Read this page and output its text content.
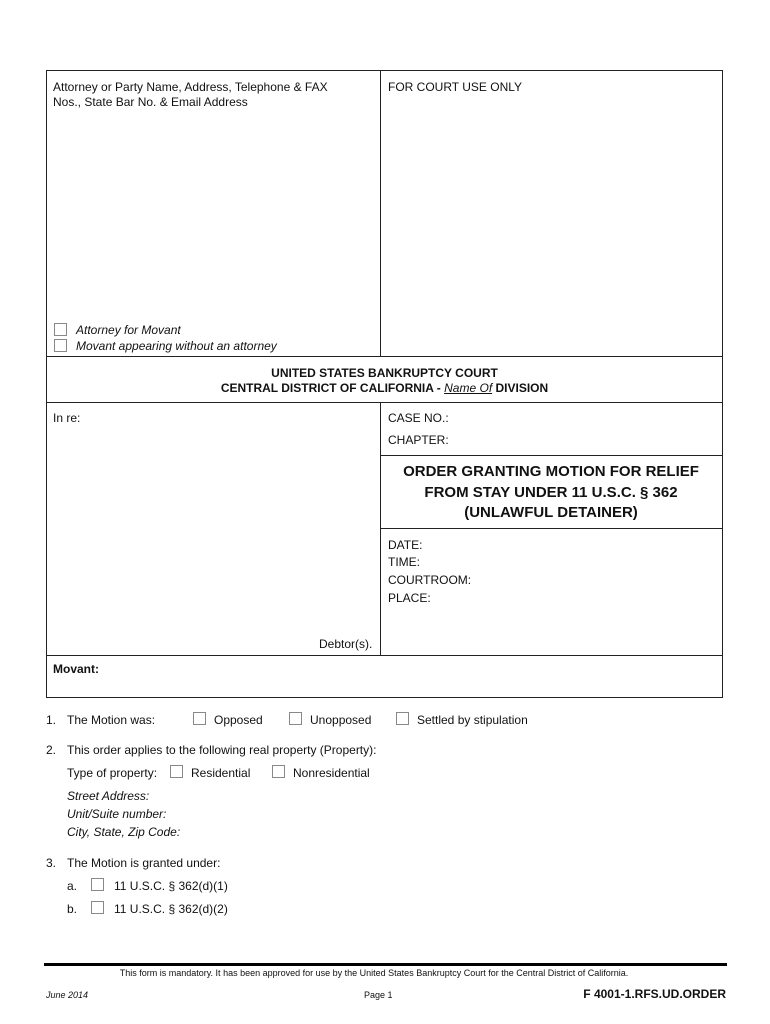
Attorney or Party Name, Address, Telephone & FAX
Nos., State Bar No. & Email Address
FOR COURT USE ONLY
Attorney for Movant
Movant appearing without an attorney
UNITED STATES BANKRUPTCY COURT
CENTRAL DISTRICT OF CALIFORNIA - Name Of DIVISION
In re:	CASE NO.:
CHAPTER:
ORDER GRANTING MOTION FOR RELIEF
FROM STAY UNDER 11 U.S.C. § 362
(UNLAWFUL DETAINER)
DATE:
TIME:
COURTROOM:
PLACE:
Debtor(s).
Movant:
1. The Motion was:	Opposed	Unopposed	Settled by stipulation
2. This order applies to the following real property (Property):
Type of property:	Residential	Nonresidential
Street Address:
Unit/Suite number:
City, State, Zip Code:
3. The Motion is granted under:
a.	11 U.S.C. § 362(d)(1)
b.	11 U.S.C. § 362(d)(2)
This form is mandatory. It has been approved for use by the United States Bankruptcy Court for the Central District of California.
June 2014	Page 1	F 4001-1.RFS.UD.ORDER
